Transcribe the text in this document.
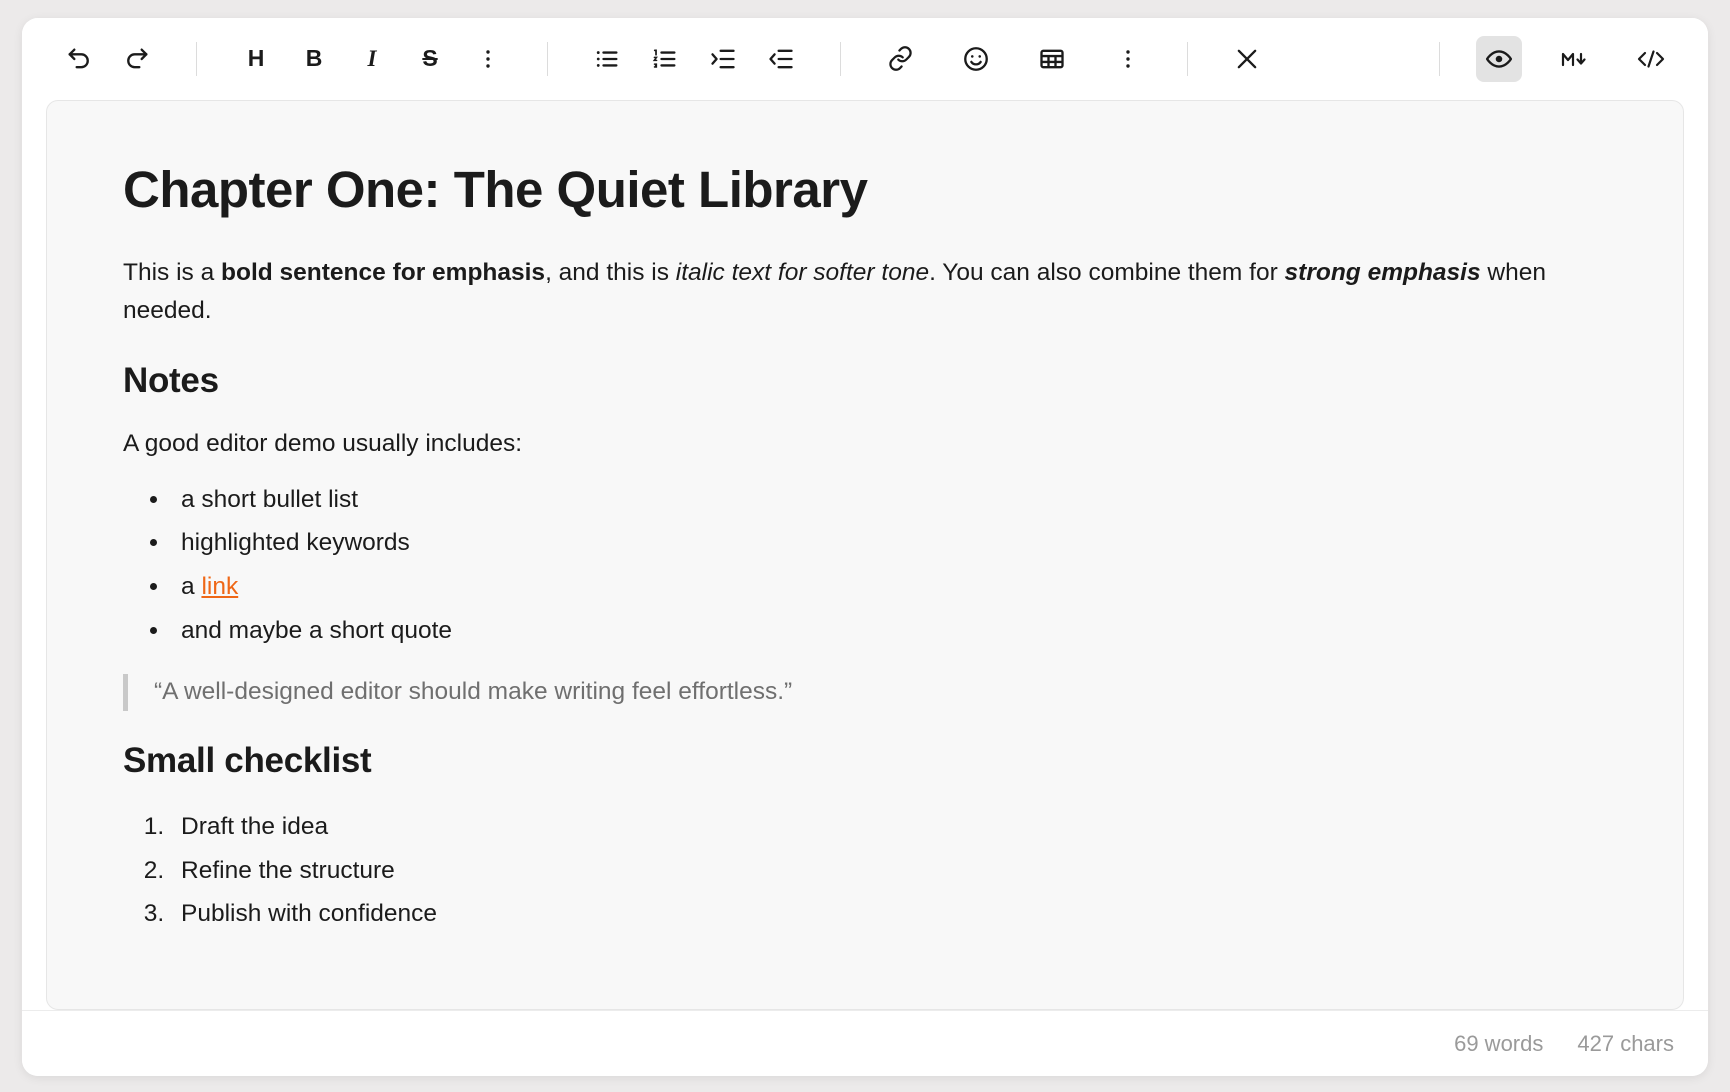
H B I S
Chapter One: The Quiet Library

This is a bold sentence for emphasis, and this is italic text for softer tone. You can also combine them for strong emphasis when needed.

Notes

A good editor demo usually includes:

• a short bullet list
• highlighted keywords
• a link
• and maybe a short quote
“A well-designed editor should make writing feel effortless.”
Small checklist
1. Draft the idea
2. Refine the structure
3. Publish with confidence
69 words 427 chars
